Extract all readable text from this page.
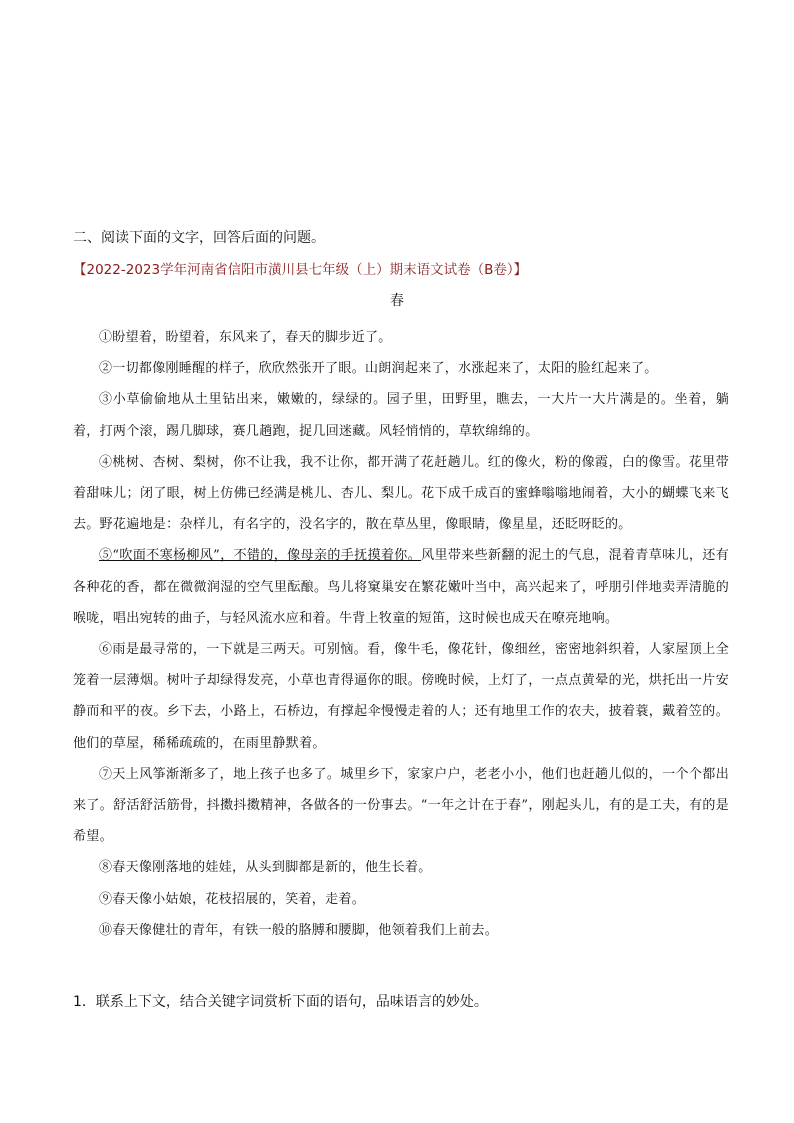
二、阅读下面的文字，回答后面的问题。
【2022-2023学年河南省信阳市潢川县七年级（上）期末语文试卷（B卷）】
春

①盼望着，盼望着，东风来了，春天的脚步近了。

②一切都像刚睡醒的样子，欣欣然张开了眼。山朗润起来了，水涨起来了，太阳的脸红起来了。

③小草偷偷地从土里钻出来，嫩嫩的，绿绿的。园子里，田野里，瞧去，一大片一大片满是的。坐着，躺着，打两个滚，踢几脚球，赛几趟跑，捉几回迷藏。风轻悄悄的，草软绵绵的。

④桃树、杏树、梨树，你不让我，我不让你，都开满了花赶趟儿。红的像火，粉的像霞，白的像雪。花里带着甜味儿；闭了眼，树上仿佛已经满是桃儿、杏儿、梨儿。花下成千成百的蜜蜂嗡嗡地闹着，大小的蝴蝶飞来飞去。野花遍地是：杂样儿，有名字的，没名字的，散在草丛里，像眼睛，像星星，还眨呀眨的。

⑤“吹面不寒杨柳风”，不错的，像母亲的手抚摸着你。风里带来些新翻的泥土的气息，混着青草味儿，还有各种花的香，都在微微润湿的空气里酝酿。鸟儿将窠巢安在繁花嫩叶当中，高兴起来了，呼朋引伴地卖弄清脆的喉咙，唱出宛转的曲子，与轻风流水应和着。牛背上牧童的短笛，这时候也成天在嘹亮地响。

⑥雨是最寻常的，一下就是三两天。可别恼。看，像牛毛，像花针，像细丝，密密地斜织着，人家屋顶上全笼着一层薄烟。树叶子却绿得发亮，小草也青得逼你的眼。傍晚时候，上灯了，一点点黄晕的光，烘托出一片安静而和平的夜。乡下去，小路上，石桥边，有撑起伞慢慢走着的人；还有地里工作的农夫，披着蓑，戴着笠的。他们的草屋，稀稀疏疏的，在雨里静默着。

⑦天上风筝渐渐多了，地上孩子也多了。城里乡下，家家户户，老老小小，他们也赶趟儿似的，一个个都出来了。舒活舒活筋骨，抖擞抖擞精神，各做各的一份事去。“一年之计在于春”，刚起头儿，有的是工夫，有的是希望。

⑧春天像刚落地的娃娃，从头到脚都是新的，他生长着。

⑨春天像小姑娘，花枝招展的，笑着，走着。

⑩春天像健壮的青年，有铁一般的胳膊和腰脚，他领着我们上前去。

1．联系上下文，结合关键字词赏析下面的语句，品味语言的妙处。
